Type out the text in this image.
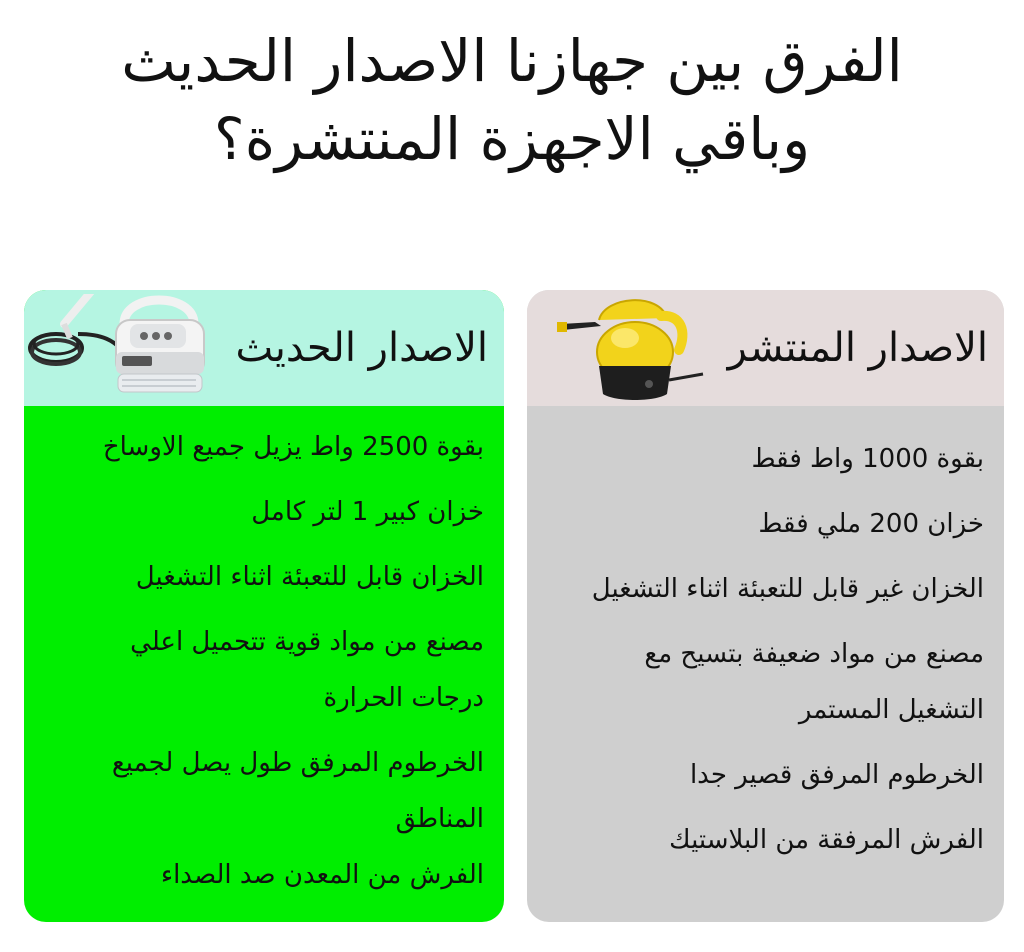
الفرق بين جهازنا الاصدار الحديث
وباقي الاجهزة المنتشرة؟
الاصدار الحديث
بقوة 2500 واط يزيل جميع الاوساخ
خزان كبير 1 لتر كامل
الخزان قابل للتعبئة اثناء التشغيل
مصنع من مواد قوية تتحميل اعلي
درجات الحرارة
الخرطوم المرفق طول يصل لجميع
المناطق
الفرش من المعدن صد الصداء
الاصدار المنتشر
بقوة 1000 واط فقط
خزان 200 ملي فقط
الخزان غير قابل للتعبئة اثناء التشغيل
مصنع من مواد ضعيفة بتسيح مع
التشغيل المستمر
الخرطوم المرفق قصير جدا
الفرش المرفقة من البلاستيك
